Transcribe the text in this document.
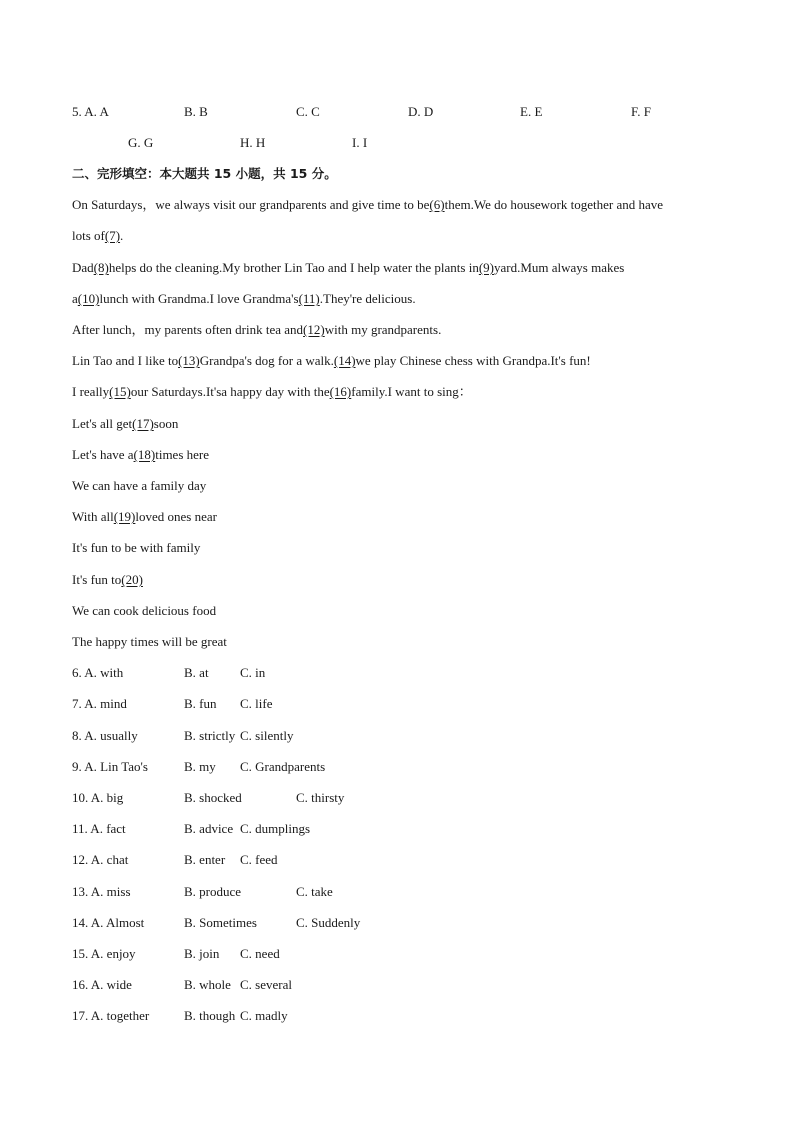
5. A. A	B. B	C. C	D. D	E. E	F. F
G. G	H. H	I. I
二、完形填空：本大题共 15 小题，共 15 分。
On Saturdays，we always visit our grandparents and give time to be(6)them.We do housework together and have
lots of(7).
Dad(8)helps do the cleaning.My brother Lin Tao and I help water the plants in(9)yard.Mum always makes
a(10)lunch with Grandma.I love Grandma's(11).They're delicious.
After lunch，my parents often drink tea and(12)with my grandparents.
Lin Tao and I like to(13)Grandpa's dog for a walk.(14)we play Chinese chess with Grandpa.It's fun!
I really(15)our Saturdays.It'sa happy day with the(16)family.I want to sing：
Let's all get(17)soon
Let's have a(18)times here
We can have a family day
With all(19)loved ones near
It's fun to be with family
It's fun to(20)
We can cook delicious food
The happy times will be great
6. A. with	B. at C. in
7. A. mind	B. fun C. life
8. A. usually	B. strictly C. silently
9. A. Lin Tao's	B. my C. Grandparents
10. A. big	B. shocked	C. thirsty
11. A. fact	B. advice C. dumplings
12. A. chat	B. enter C. feed
13. A. miss	B. produce	C. take
14. A. Almost	B. Sometimes	C. Suddenly
15. A. enjoy	B. join C. need
16. A. wide	B. whole C. several
17. A. together	B. though C. madly
